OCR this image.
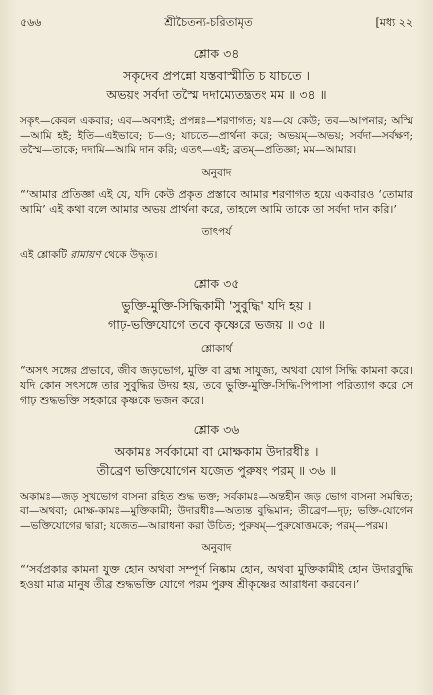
৫৬৬	শ্রীচৈতন্য-চরিতামৃত	[মধ্য ২২
শ্লোক ৩৪
সকৃদেব প্রপন্নো যস্তবাস্মীতি চ যাচতে ।
অভয়ং সর্বদা তস্মৈ দদাম্যেতদ্ব্রতং মম ॥ ৩৪ ॥
সকৃৎ—কেবল একবার; এব—অবশ্যই; প্রপন্নঃ—শরণাগত; যঃ—যে কেউ; তব—আপনার; অস্মি—আমি হই; ইতি—এইভাবে; চ—ও; যাচতে—প্রার্থনা করে; অভয়ম্—অভয়; সর্বদা—সর্বক্ষণ; তস্মৈ—তাকে; দদামি—আমি দান করি; এতৎ—এই; ব্রতম্—প্রতিজ্ঞা; মম—আমার।
অনুবাদ
“‘আমার প্রতিজ্ঞা এই যে, যদি কেউ প্রকৃত প্রস্তাবে আমার শরণাগত হয়ে একবারও ‘তোমার আমি’ এই কথা বলে আমার অভয় প্রার্থনা করে, তাহলে আমি তাকে তা সর্বদা দান করি।’
তাৎপর্য
এই শ্লোকটি রামায়ণ থেকে উদ্ধৃত।
শ্লোক ৩৫
ভুক্তি-মুক্তি-সিদ্ধিকামী 'সুবুদ্ধি' যদি হয় ।
গাঢ়-ভক্তিযোগে তবে কৃষ্ণেরে ভজয় ॥ ৩৫ ॥
শ্লোকার্থ
“অসৎ সঙ্গের প্রভাবে, জীব জড়ভোগ, মুক্তি বা ব্রহ্ম সাযুজ্য, অথবা যোগ সিদ্ধি কামনা করে। যদি কোন সৎসঙ্গে তার সুবুদ্ধির উদয় হয়, তবে ভুক্তি-মুক্তি-সিদ্ধি-পিপাসা পরিত্যাগ করে সে গাঢ় শুদ্ধভক্তি সহকারে কৃষ্ণকে ভজন করে।
শ্লোক ৩৬
অকামঃ সর্বকামো বা মোক্ষকাম উদারধীঃ ।
তীব্রেণ ভক্তিযোগেন যজেত পুরুষং পরম্ ॥ ৩৬ ॥
অকামঃ—জড় সুখভোগ বাসনা রহিত শুদ্ধ ভক্ত; সর্বকামঃ—অন্তহীন জড় ভোগ বাসনা সমন্বিত; বা—অথবা; মোক্ষ-কামঃ—মুক্তিকামী; উদারধীঃ—অত্যন্ত বুদ্ধিমান; তীব্রেণ—দৃঢ়; ভক্তি-যোগেন—ভক্তিযোগের দ্বারা; যজেত—আরাধনা করা উচিত; পুরুষম্—পুরুষোত্তমকে; পরম্—পরম।
অনুবাদ
“‘সর্বপ্রকার কামনা যুক্ত হোন অথবা সম্পূর্ণ নিষ্কাম হোন, অথবা মুক্তিকামীই হোন উদারবুদ্ধি হওয়া মাত্র মানুষ তীব্র শুদ্ধভক্তি যোগে পরম পুরুষ শ্রীকৃষ্ণের আরাধনা করবেন।’
